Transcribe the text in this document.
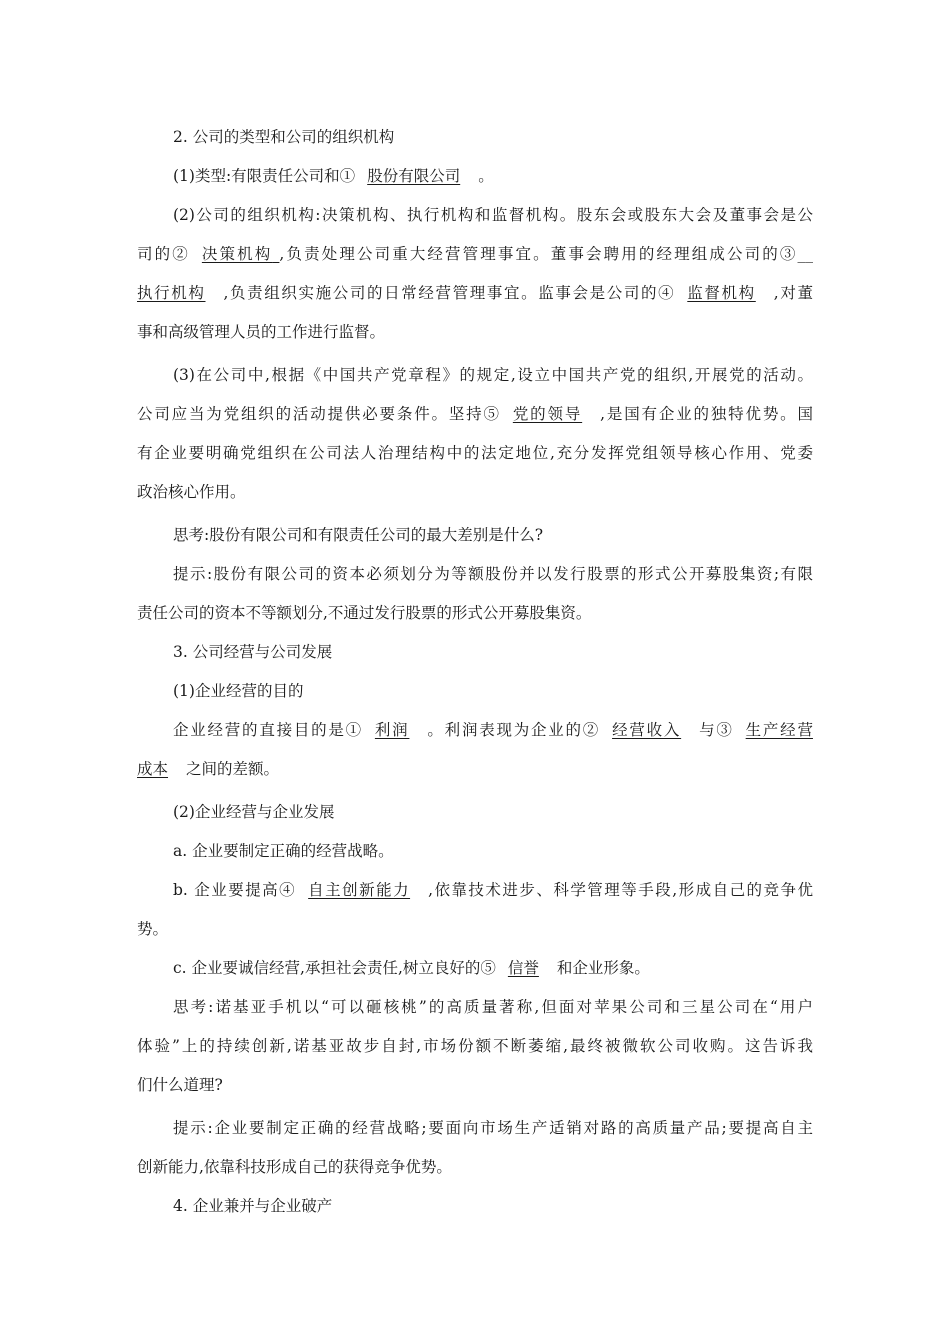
2. 公司的类型和公司的组织机构
(1)类型:有限责任公司和① 股份有限公司 。
(2)公司的组织机构:决策机构、执行机构和监督机构。股东会或股东大会及董事会是公
司的② 决策机构 ,负责处理公司重大经营管理事宜。董事会聘用的经理组成公司的③__
执行机构 ,负责组织实施公司的日常经营管理事宜。监事会是公司的④ 监督机构 ,对董
事和高级管理人员的工作进行监督。
(3)在公司中,根据《中国共产党章程》的规定,设立中国共产党的组织,开展党的活动。
公司应当为党组织的活动提供必要条件。坚持⑤ 党的领导 ,是国有企业的独特优势。国
有企业要明确党组织在公司法人治理结构中的法定地位,充分发挥党组领导核心作用、党委
政治核心作用。
思考:股份有限公司和有限责任公司的最大差别是什么?
提示:股份有限公司的资本必须划分为等额股份并以发行股票的形式公开募股集资;有限
责任公司的资本不等额划分,不通过发行股票的形式公开募股集资。
3. 公司经营与公司发展
(1)企业经营的目的
企业经营的直接目的是① 利润 。利润表现为企业的② 经营收入 与③ 生产经营
成本 之间的差额。
(2)企业经营与企业发展
a. 企业要制定正确的经营战略。
b. 企业要提高④ 自主创新能力 ,依靠技术进步、科学管理等手段,形成自己的竞争优
势。
c. 企业要诚信经营,承担社会责任,树立良好的⑤ 信誉 和企业形象。
思考:诺基亚手机以“可以砸核桃”的高质量著称,但面对苹果公司和三星公司在“用户
体验”上的持续创新,诺基亚故步自封,市场份额不断萎缩,最终被微软公司收购。这告诉我
们什么道理?
提示:企业要制定正确的经营战略;要面向市场生产适销对路的高质量产品;要提高自主
创新能力,依靠科技形成自己的获得竞争优势。
4. 企业兼并与企业破产
